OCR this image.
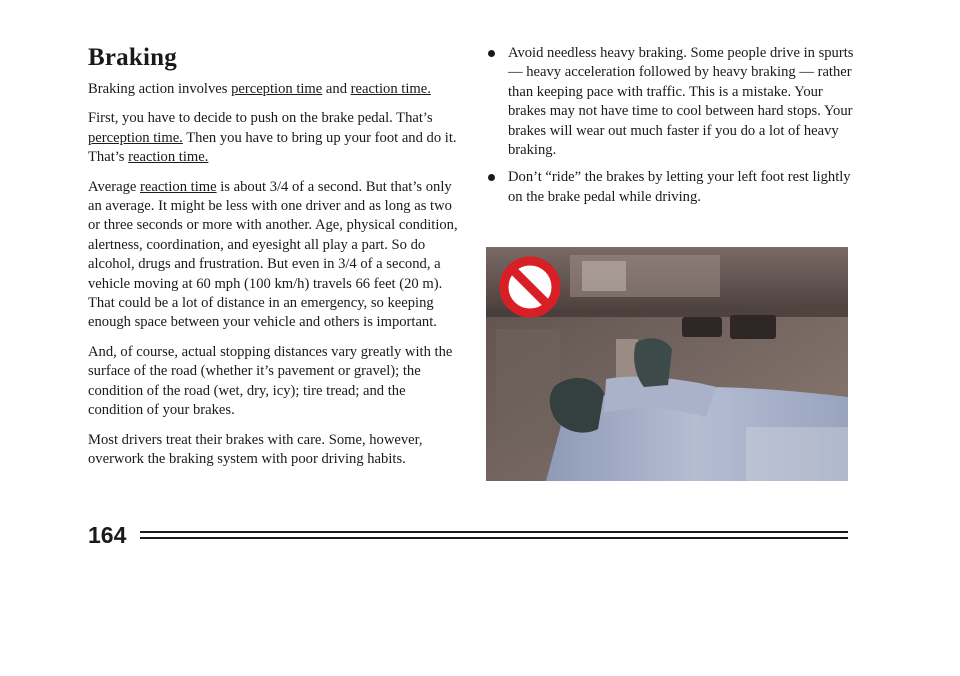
Braking

Braking action involves perception time and reaction time.

First, you have to decide to push on the brake pedal. That’s perception time. Then you have to bring up your foot and do it. That’s reaction time.

Average reaction time is about 3/4 of a second. But that’s only an average. It might be less with one driver and as long as two or three seconds or more with another. Age, physical condition, alertness, coordination, and eyesight all play a part. So do alcohol, drugs and frustration. But even in 3/4 of a second, a vehicle moving at 60 mph (100 km/h) travels 66 feet (20 m). That could be a lot of distance in an emergency, so keeping enough space between your vehicle and others is important.

And, of course, actual stopping distances vary greatly with the surface of the road (whether it’s pavement or gravel); the condition of the road (wet, dry, icy); tire tread; and the condition of your brakes.

Most drivers treat their brakes with care. Some, however, overwork the braking system with poor driving habits.

Avoid needless heavy braking. Some people drive in spurts — heavy acceleration followed by heavy braking — rather than keeping pace with traffic. This is a mistake. Your brakes may not have time to cool between hard stops. Your brakes will wear out much faster if you do a lot of heavy braking.
Don’t “ride” the brakes by letting your left foot rest lightly on the brake pedal while driving.
164
